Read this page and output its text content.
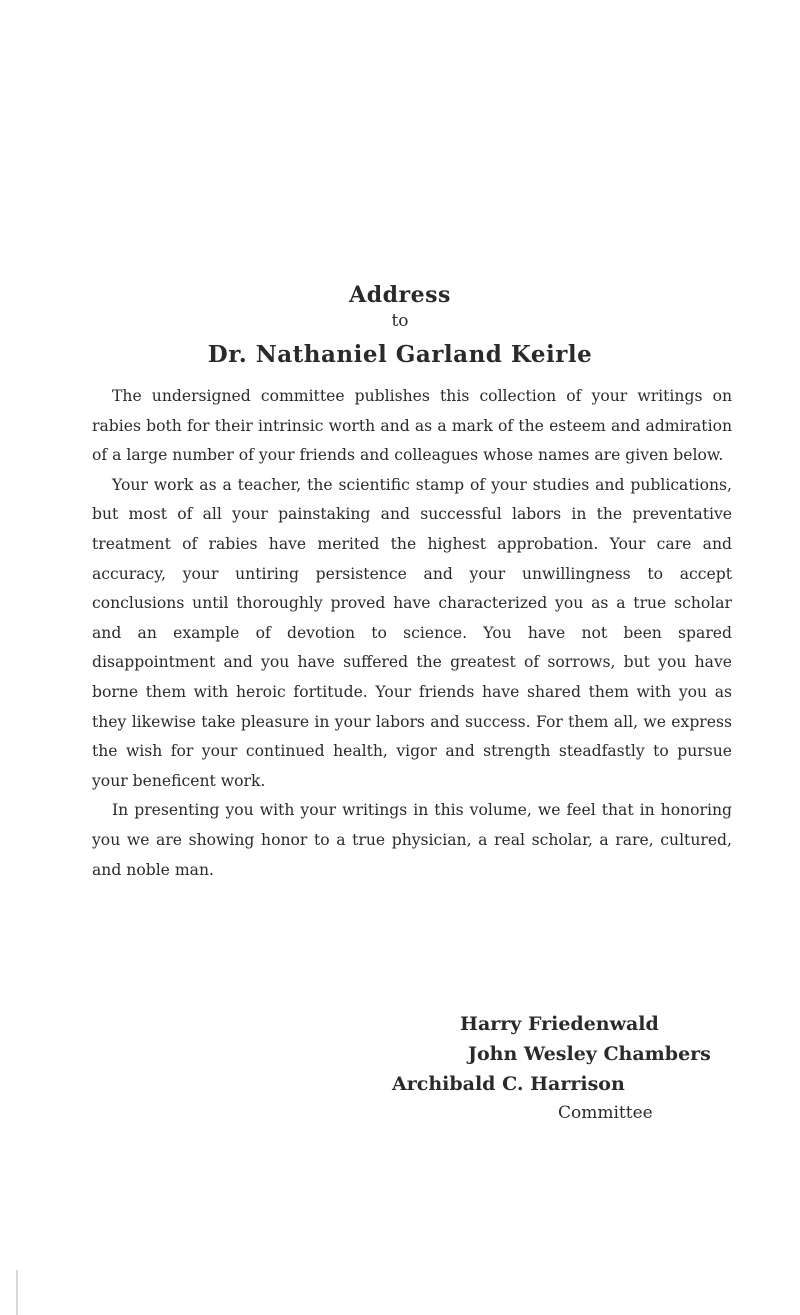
Address
to
Dr. Nathaniel Garland Keirle

The undersigned committee publishes this collection of your writings on rabies both for their intrinsic worth and as a mark of the esteem and admiration of a large number of your friends and colleagues whose names are given below.

Your work as a teacher, the scientific stamp of your studies and publications, but most of all your painstaking and successful labors in the preventative treatment of rabies have merited the highest approbation. Your care and accuracy, your untiring persistence and your unwillingness to accept conclusions until thoroughly proved have characterized you as a true scholar and an example of devotion to science. You have not been spared disappointment and you have suffered the greatest of sorrows, but you have borne them with heroic fortitude. Your friends have shared them with you as they likewise take pleasure in your labors and success. For them all, we express the wish for your continued health, vigor and strength steadfastly to pursue your beneficent work.

In presenting you with your writings in this volume, we feel that in honoring you we are showing honor to a true physician, a real scholar, a rare, cultured, and noble man.

Harry Friedenwald
John Wesley Chambers
Archibald C. Harrison
Committee
